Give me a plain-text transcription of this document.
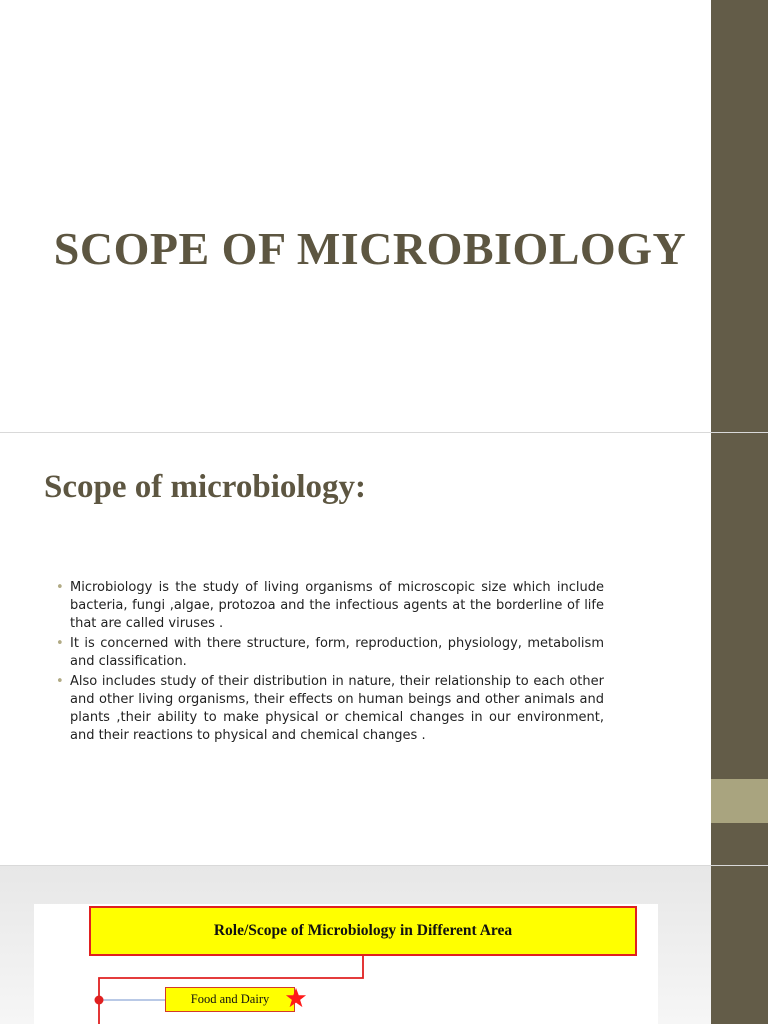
SCOPE OF MICROBIOLOGY
Scope of microbiology:
• Microbiology is the study of living organisms of microscopic size which include bacteria, fungi ,algae, protozoa and the infectious agents at the borderline of life that are called viruses .
• It is concerned with there structure, form, reproduction, physiology, metabolism and classification.
• Also includes study of their distribution in nature, their relationship to each other and other living organisms, their effects on human beings and other animals and plants ,their ability to make physical or chemical changes in our environment, and their reactions to physical and chemical changes .
Role/Scope of Microbiology in Different Area
Food and Dairy
